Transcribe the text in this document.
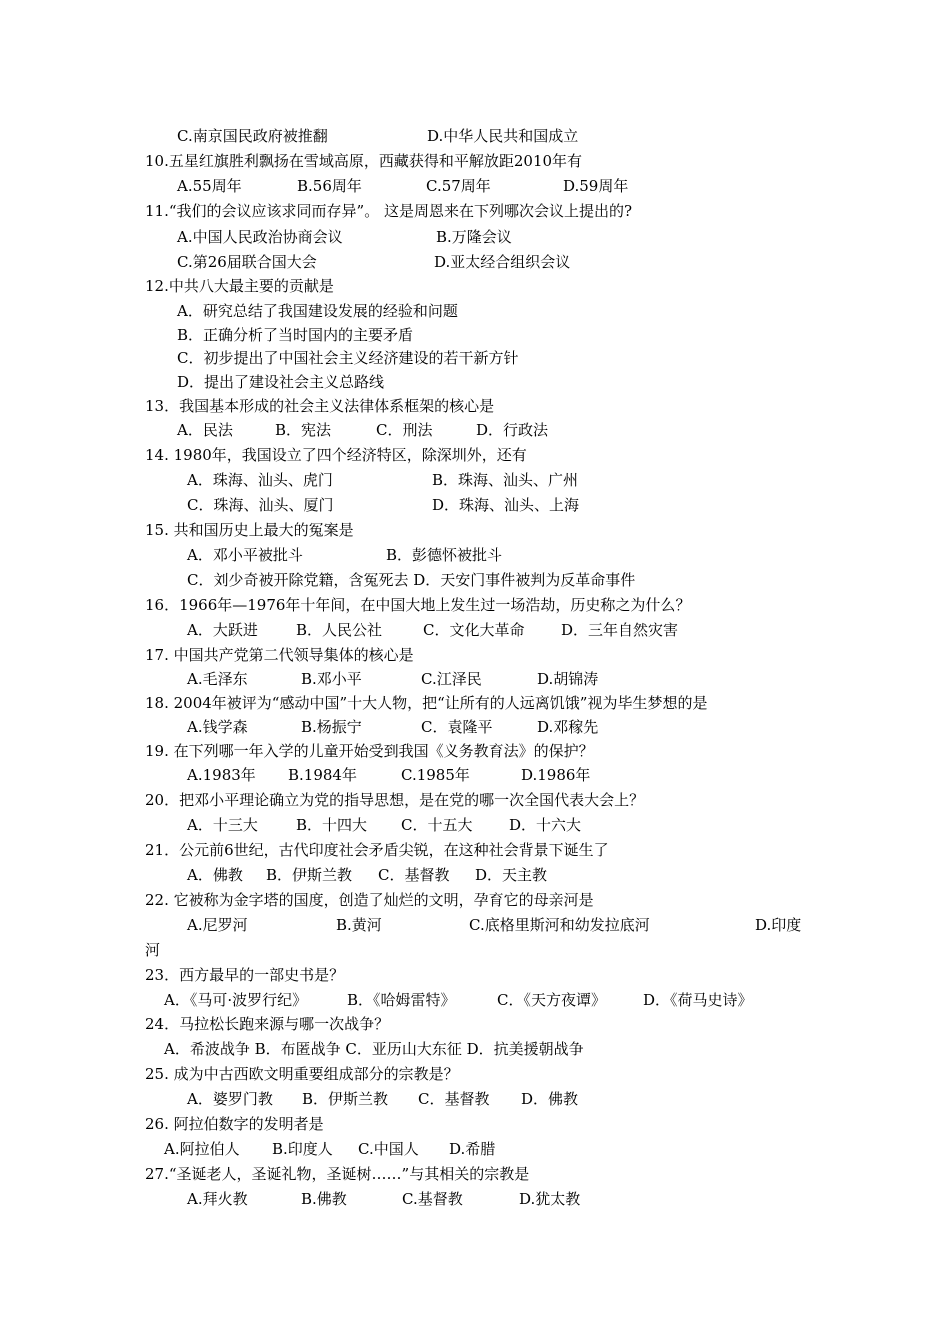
C.南京国民政府被推翻	D.中华人民共和国成立
10.五星红旗胜利飘扬在雪域高原，西藏获得和平解放距2010年有
A.55周年	B.56周年	C.57周年	D.59周年
11.“我们的会议应该求同而存异”。 这是周恩来在下列哪次会议上提出的?
A.中国人民政治协商会议	B.万隆会议
C.第26届联合国大会	D.亚太经合组织会议
12.中共八大最主要的贡献是
A．研究总结了我国建设发展的经验和问题
B．正确分析了当时国内的主要矛盾
C．初步提出了中国社会主义经济建设的若干新方针
D．提出了建设社会主义总路线
13．我国基本形成的社会主义法律体系框架的核心是
A．民法	B．宪法	C．刑法	D．行政法
14. 1980年，我国设立了四个经济特区，除深圳外，还有
A．珠海、汕头、虎门	B．珠海、汕头、广州
C．珠海、汕头、厦门	D．珠海、汕头、上海
15. 共和国历史上最大的冤案是
A．邓小平被批斗	B．彭德怀被批斗
C．刘少奇被开除党籍，含冤死去 D．天安门事件被判为反革命事件
16．1966年—1976年十年间，在中国大地上发生过一场浩劫，历史称之为什么？
A．大跃进	B．人民公社	C．文化大革命 D．三年自然灾害
17. 中国共产党第二代领导集体的核心是
A.毛泽东	B.邓小平	C.江泽民	D.胡锦涛
18. 2004年被评为“感动中国”十大人物，把“让所有的人远离饥饿”视为毕生梦想的是
A.钱学森	B.杨振宁	C．袁隆平	D.邓稼先
19. 在下列哪一年入学的儿童开始受到我国《义务教育法》的保护？
A.1983年 B.1984年	C.1985年	D.1986年
20．把邓小平理论确立为党的指导思想，是在党的哪一次全国代表大会上？
A．十三大	B．十四大 C．十五大 D．十六大
21．公元前6世纪，古代印度社会矛盾尖锐，在这种社会背景下诞生了
A．佛教 B．伊斯兰教 C．基督教 D．天主教
22. 它被称为金字塔的国度，创造了灿烂的文明，孕育它的母亲河是
A.尼罗河	B.黄河	C.底格里斯河和幼发拉底河	D.印度
河
23．西方最早的一部史书是？
A．《马可·波罗行纪》	B．《哈姆雷特》	C．《天方夜谭》 D．《荷马史诗》
24．马拉松长跑来源与哪一次战争？
A．希波战争 B．布匿战争 C．亚历山大东征 D．抗美援朝战争
25. 成为中古西欧文明重要组成部分的宗教是？
A．婆罗门教 B．伊斯兰教 C．基督教 D．佛教
26. 阿拉伯数字的发明者是
A.阿拉伯人 B.印度人 C.中国人 D.希腊
27.“圣诞老人，圣诞礼物，圣诞树……”与其相关的宗教是
A.拜火教	B.佛教	C.基督教	D.犹太教
